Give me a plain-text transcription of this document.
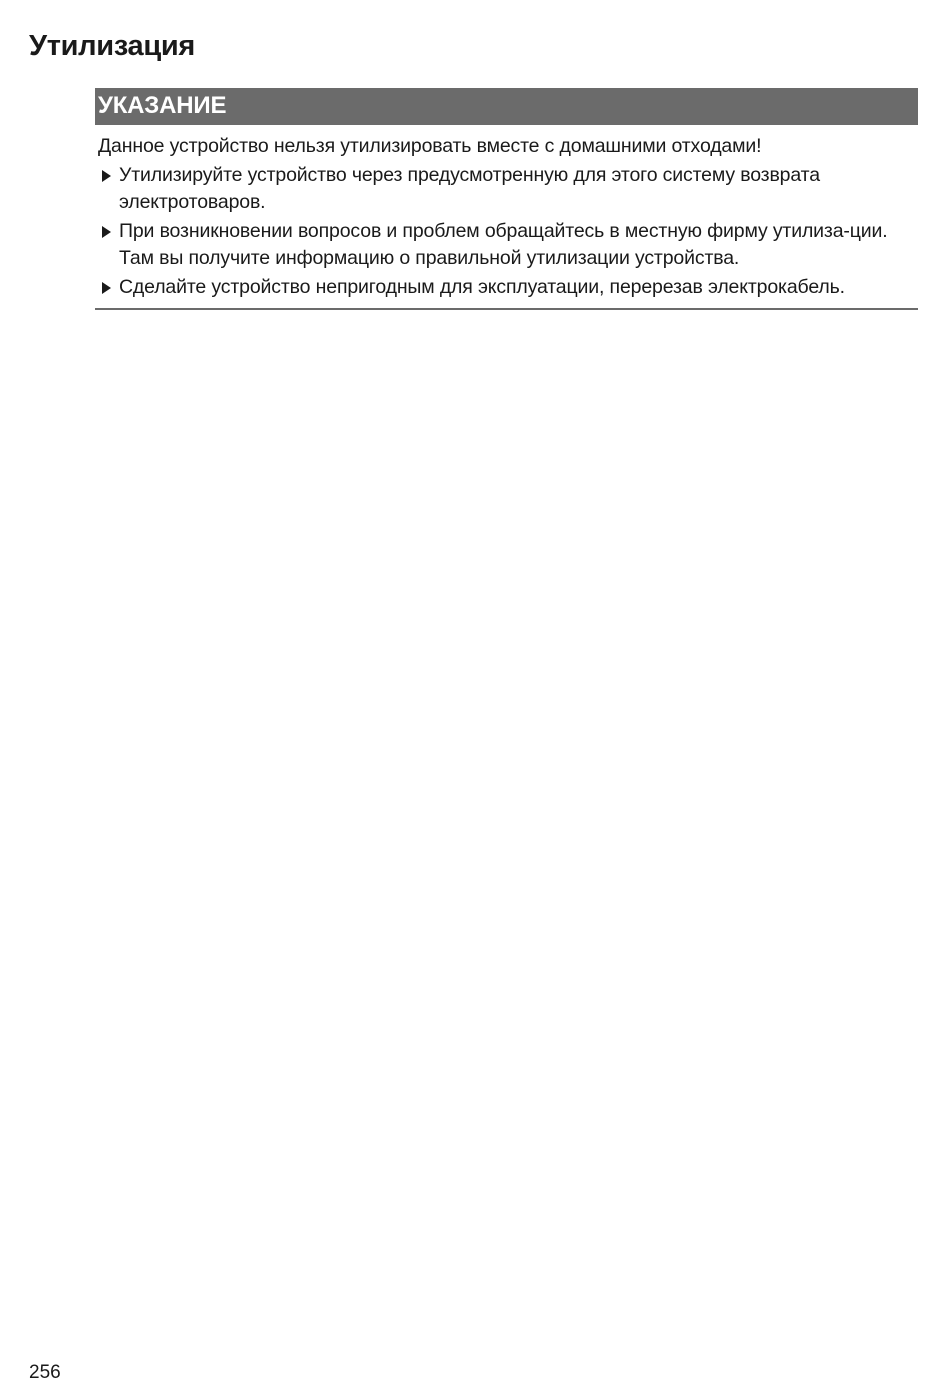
Утилизация
УКАЗАНИЕ

Данное устройство нельзя утилизировать вместе с домашними отходами!

Утилизируйте устройство через предусмотренную для этого систему возврата электротоваров.
При возникновении вопросов и проблем обращайтесь в местную фирму утилиза-ции. Там вы получите информацию о правильной утилизации устройства.
Сделайте устройство непригодным для эксплуатации, перерезав электрокабель.
256
